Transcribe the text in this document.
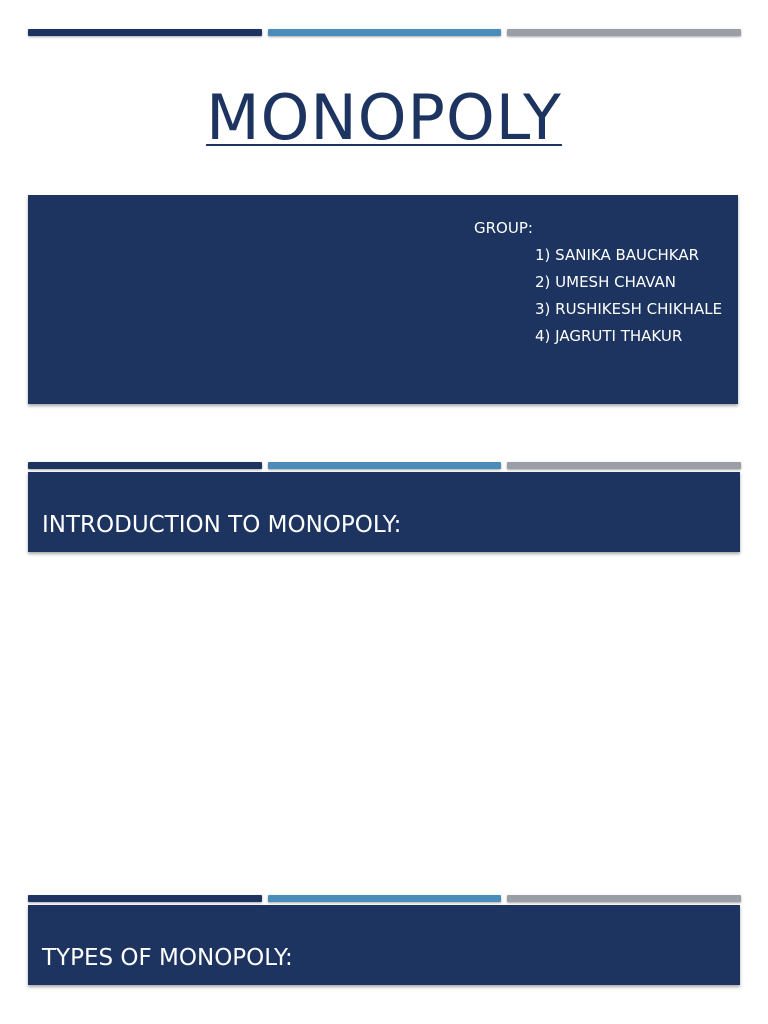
MONOPOLY
GROUP:
1) SANIKA BAUCHKAR
2) UMESH CHAVAN
3) RUSHIKESH CHIKHALE
4) JAGRUTI THAKUR
INTRODUCTION TO MONOPOLY:
TYPES OF MONOPOLY:
